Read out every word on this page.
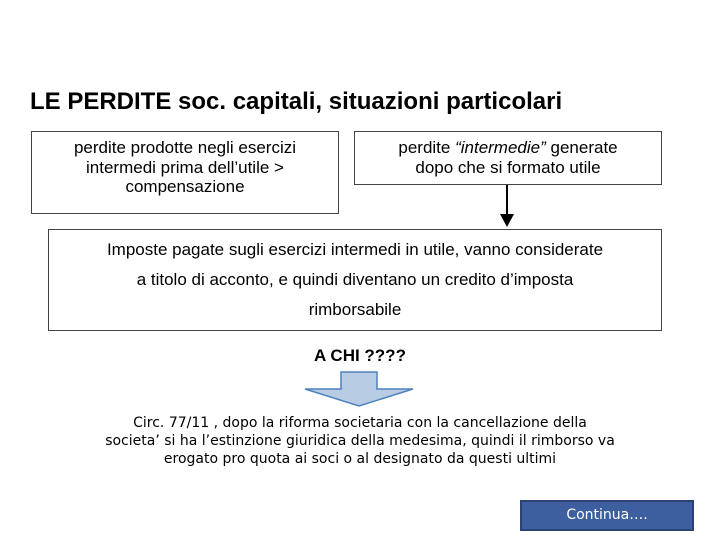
LE PERDITE soc. capitali, situazioni particolari
perdite prodotte negli esercizi
intermedi prima dell’utile >
compensazione
perdite “intermedie” generate
dopo che si formato utile
Imposte pagate sugli esercizi intermedi in utile, vanno considerate
a titolo di acconto, e quindi diventano un credito d’imposta
rimborsabile
A CHI ????
Circ. 77/11 , dopo la riforma societaria con la cancellazione della
societa’ si ha l’estinzione giuridica della medesima, quindi il rimborso va
erogato pro quota ai soci o al designato da questi ultimi
Continua….
